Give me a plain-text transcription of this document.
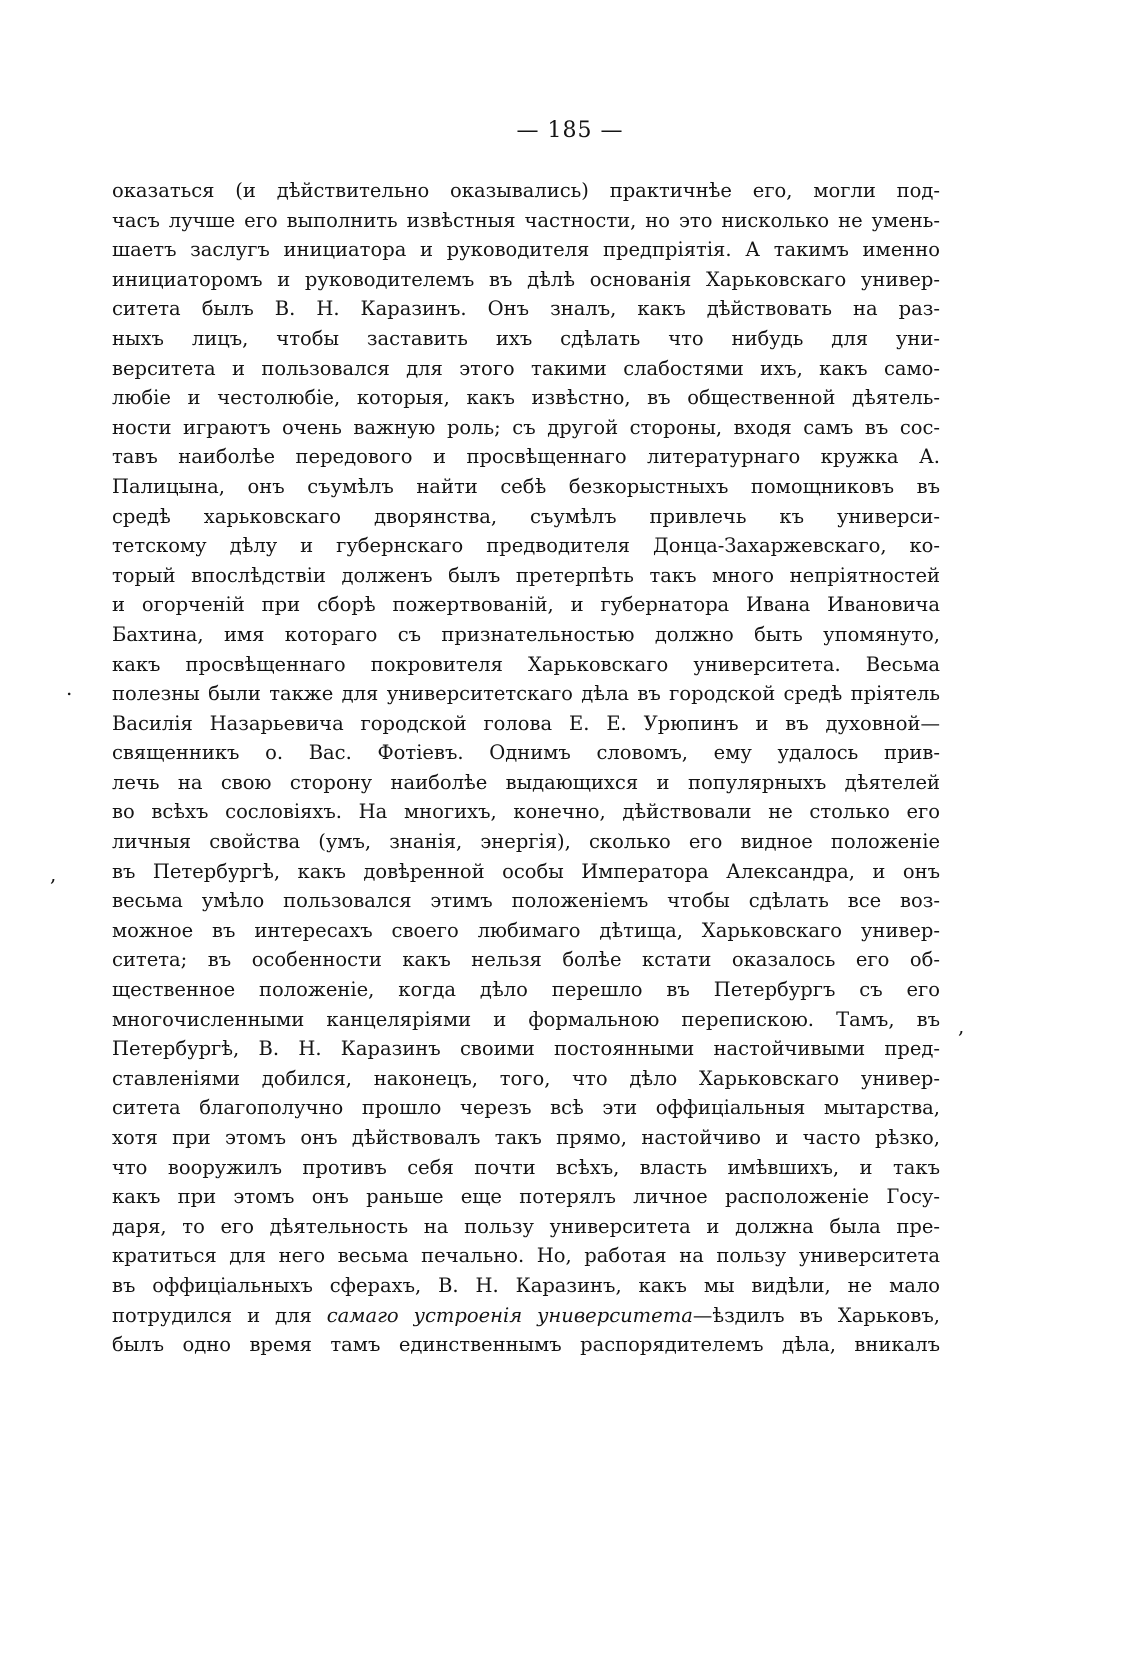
— 185 —
оказаться (и дѣйствительно оказывались) практичнѣе его, могли под-
часъ лучше его выполнить извѣстныя частности, но это нисколько не умень-
шаетъ заслугъ инициатора и руководителя предпріятія. А такимъ именно
инициаторомъ и руководителемъ въ дѣлѣ основанія Харьковскаго универ-
ситета былъ В. Н. Каразинъ. Онъ зналъ, какъ дѣйствовать на раз-
ныхъ лицъ, чтобы заставить ихъ сдѣлать что нибудь для уни-
верситета и пользовался для этого такими слабостями ихъ, какъ само-
любіе и честолюбіе, которыя, какъ извѣстно, въ общественной дѣятель-
ности играютъ очень важную роль; съ другой стороны, входя самъ въ сос-
тавъ наиболѣе передового и просвѣщеннаго литературнаго кружка А.
Палицына, онъ съумѣлъ найти себѣ безкорыстныхъ помощниковъ въ
средѣ харьковскаго дворянства, съумѣлъ привлечь къ универси-
тетскому дѣлу и губернскаго предводителя Донца-Захаржевскаго, ко-
торый впослѣдствіи долженъ былъ претерпѣть такъ много непріятностей
и огорченій при сборѣ пожертвованій, и губернатора Ивана Ивановича
Бахтина, имя котораго съ признательностью должно быть упомянуто,
какъ просвѣщеннаго покровителя Харьковскаго университета. Весьма
полезны были также для университетскаго дѣла въ городской средѣ пріятель
Василія Назарьевича городской голова Е. Е. Урюпинъ и въ духовной—
священникъ о. Вас. Фотіевъ. Однимъ словомъ, ему удалось прив-
лечь на свою сторону наиболѣе выдающихся и популярныхъ дѣятелей
во всѣхъ сословіяхъ. На многихъ, конечно, дѣйствовали не столько его
личныя свойства (умъ, знанія, энергія), сколько его видное положеніе
въ Петербургѣ, какъ довѣренной особы Императора Александра, и онъ
весьма умѣло пользовался этимъ положеніемъ чтобы сдѣлать все воз-
можное въ интересахъ своего любимаго дѣтища, Харьковскаго универ-
ситета; въ особенности какъ нельзя болѣе кстати оказалось его об-
щественное положеніе, когда дѣло перешло въ Петербургъ съ его
многочисленными канцеляріями и формальною перепискою. Тамъ, въ
Петербургѣ, В. Н. Каразинъ своими постоянными настойчивыми пред-
ставленіями добился, наконецъ, того, что дѣло Харьковскаго универ-
ситета благополучно прошло черезъ всѣ эти оффиціальныя мытарства,
хотя при этомъ онъ дѣйствовалъ такъ прямо, настойчиво и часто рѣзко,
что вооружилъ противъ себя почти всѣхъ, власть имѣвшихъ, и такъ
какъ при этомъ онъ раньше еще потерялъ личное расположеніе Госу-
даря, то его дѣятельность на пользу университета и должна была пре-
кратиться для него весьма печально. Но, работая на пользу университета
въ оффиціальныхъ сферахъ, В. Н. Каразинъ, какъ мы видѣли, не мало
потрудился и для самаго устроенія университета—ѣздилъ въ Харьковъ,
былъ одно время тамъ единственнымъ распорядителемъ дѣла, вникалъ
.
,
,
